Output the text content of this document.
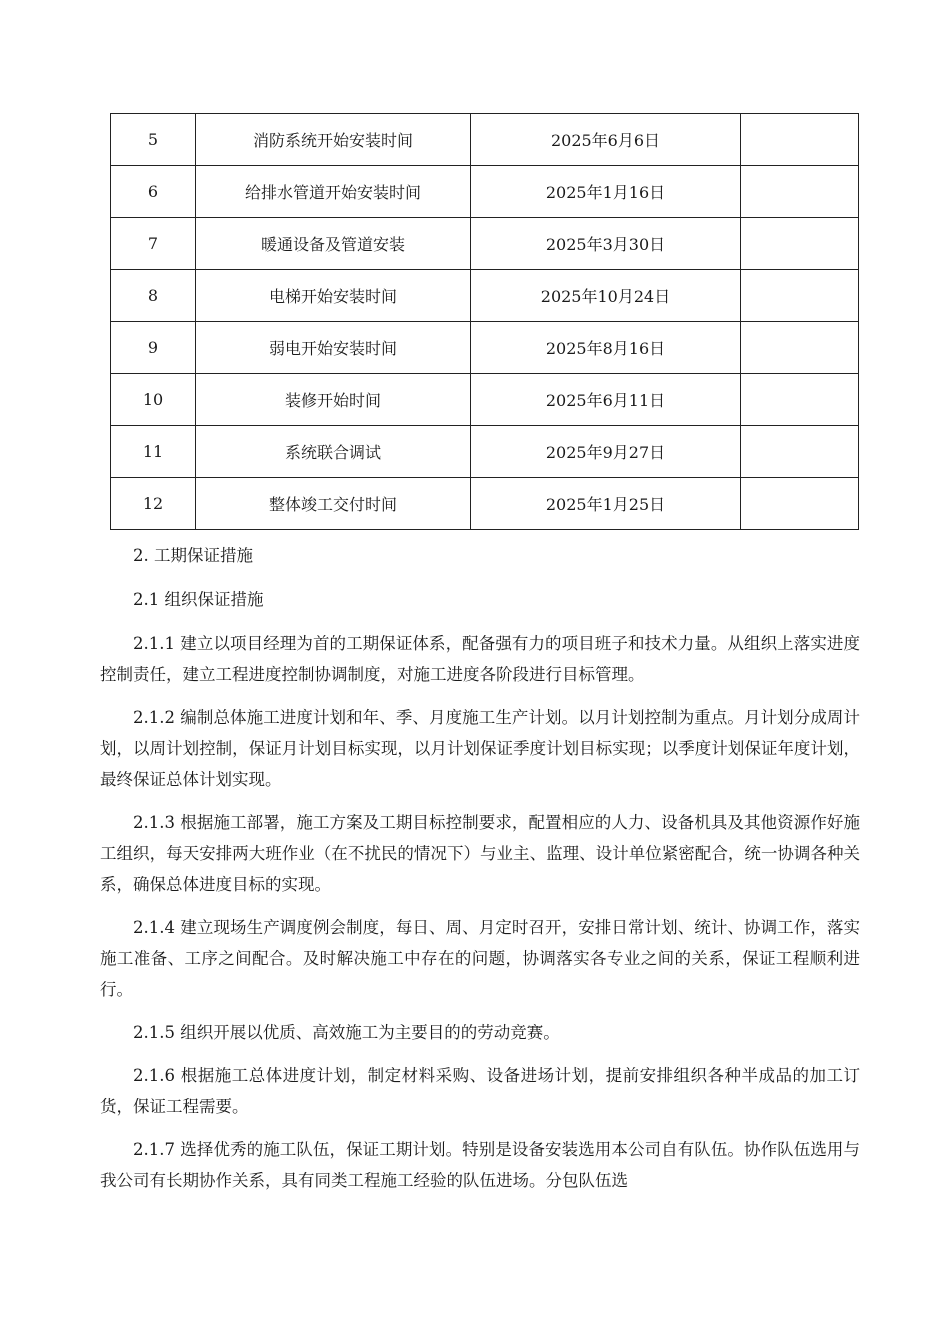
5	消防系统开始安装时间	2025年6月6日	
6	给排水管道开始安装时间	2025年1月16日	
7	暖通设备及管道安装	2025年3月30日	
8	电梯开始安装时间	2025年10月24日	
9	弱电开始安装时间	2025年8月16日	
10	装修开始时间	2025年6月11日	
11	系统联合调试	2025年9月27日	
12	整体竣工交付时间	2025年1月25日	

2. 工期保证措施

2.1 组织保证措施

2.1.1 建立以项目经理为首的工期保证体系，配备强有力的项目班子和技术力量。从组织上落实进度控制责任，建立工程进度控制协调制度，对施工进度各阶段进行目标管理。

2.1.2 编制总体施工进度计划和年、季、月度施工生产计划。以月计划控制为重点。月计划分成周计划，以周计划控制，保证月计划目标实现，以月计划保证季度计划目标实现；以季度计划保证年度计划，最终保证总体计划实现。

2.1.3 根据施工部署，施工方案及工期目标控制要求，配置相应的人力、设备机具及其他资源作好施工组织，每天安排两大班作业（在不扰民的情况下）与业主、监理、设计单位紧密配合，统一协调各种关系，确保总体进度目标的实现。

2.1.4 建立现场生产调度例会制度，每日、周、月定时召开，安排日常计划、统计、协调工作，落实施工准备、工序之间配合。及时解决施工中存在的问题，协调落实各专业之间的关系，保证工程顺利进行。

2.1.5 组织开展以优质、高效施工为主要目的的劳动竞赛。

2.1.6 根据施工总体进度计划，制定材料采购、设备进场计划，提前安排组织各种半成品的加工订货，保证工程需要。

2.1.7 选择优秀的施工队伍，保证工期计划。特别是设备安装选用本公司自有队伍。协作队伍选用与我公司有长期协作关系，具有同类工程施工经验的队伍进场。分包队伍选
